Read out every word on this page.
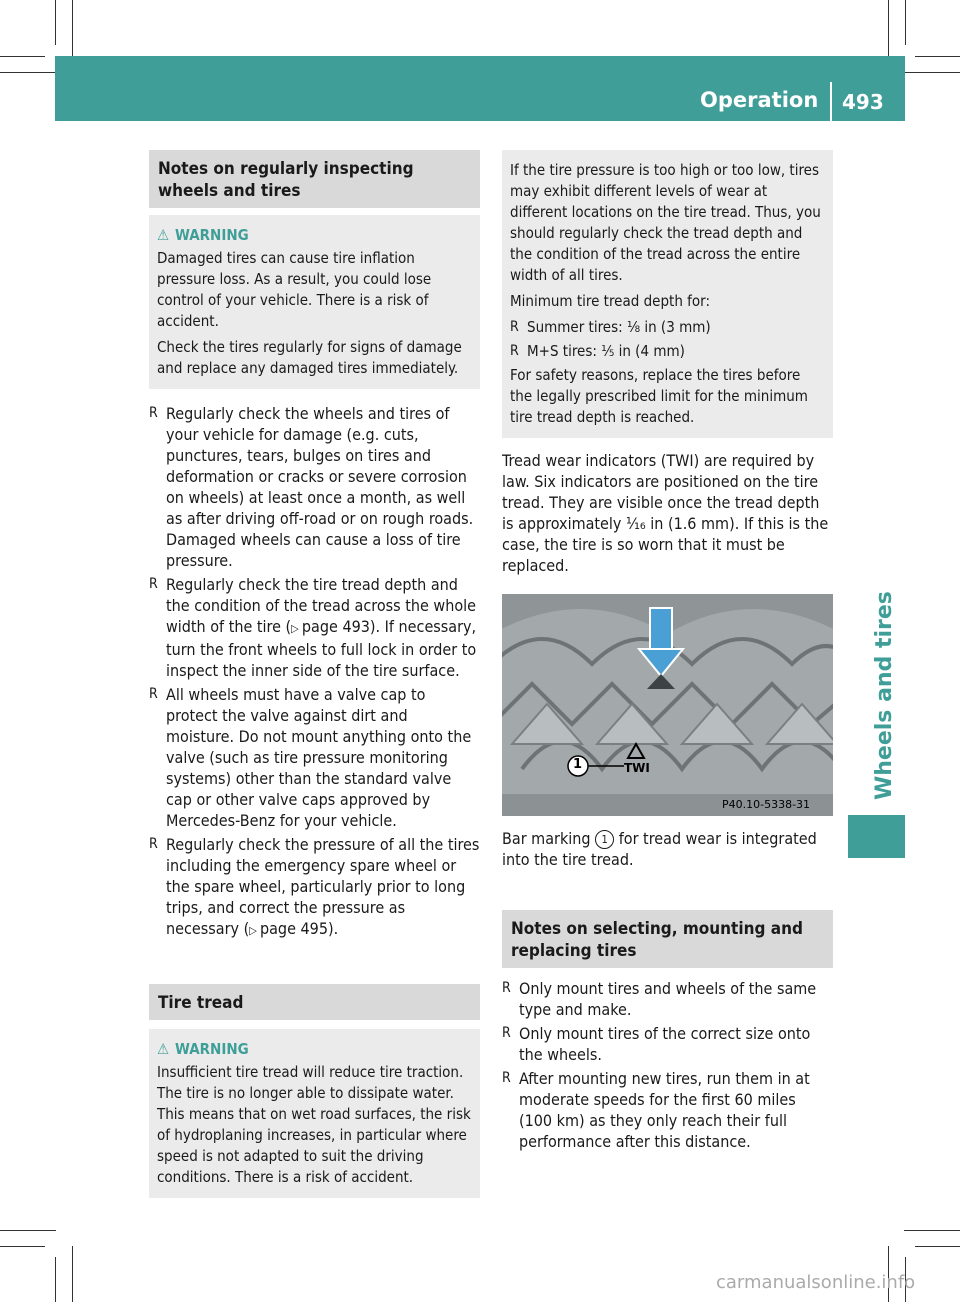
Operation 493
Wheels and tires
Notes on regularly inspecting wheels and tires
⚠ WARNING

Damaged tires can cause tire inflation pressure loss. As a result, you could lose control of your vehicle. There is a risk of accident.

Check the tires regularly for signs of damage and replace any damaged tires immediately.

R Regularly check the wheels and tires of your vehicle for damage (e.g. cuts, punctures, tears, bulges on tires and deformation or cracks or severe corrosion on wheels) at least once a month, as well as after driving off-road or on rough roads. Damaged wheels can cause a loss of tire pressure.
R Regularly check the tire tread depth and the condition of the tread across the whole width of the tire (▷ page 493). If necessary, turn the front wheels to full lock in order to inspect the inner side of the tire surface.
R All wheels must have a valve cap to protect the valve against dirt and moisture. Do not mount anything onto the valve (such as tire pressure monitoring systems) other than the standard valve cap or other valve caps approved by Mercedes-Benz for your vehicle.
R Regularly check the pressure of all the tires including the emergency spare wheel or the spare wheel, particularly prior to long trips, and correct the pressure as necessary (▷ page 495).
Tire tread
⚠ WARNING

Insufficient tire tread will reduce tire traction. The tire is no longer able to dissipate water. This means that on wet road surfaces, the risk of hydroplaning increases, in particular where speed is not adapted to suit the driving conditions. There is a risk of accident.

If the tire pressure is too high or too low, tires may exhibit different levels of wear at different locations on the tire tread. Thus, you should regularly check the tread depth and the condition of the tread across the entire width of all tires.

Minimum tire tread depth for:

R Summer tires: ⅛ in (3 mm)
R M+S tires: ⅕ in (4 mm)

For safety reasons, replace the tires before the legally prescribed limit for the minimum tire tread depth is reached.

Tread wear indicators (TWI) are required by law. Six indicators are positioned on the tire tread. They are visible once the tread depth is approximately ¹⁄₁₆ in (1.6 mm). If this is the case, the tire is so worn that it must be replaced.

1	TWI
P40.10-5338-31

Bar marking 1 for tread wear is integrated into the tire tread.

Notes on selecting, mounting and replacing tires
R Only mount tires and wheels of the same type and make.
R Only mount tires of the correct size onto the wheels.
R After mounting new tires, run them in at moderate speeds for the first 60 miles (100 km) as they only reach their full performance after this distance.
carmanualsonline.info
